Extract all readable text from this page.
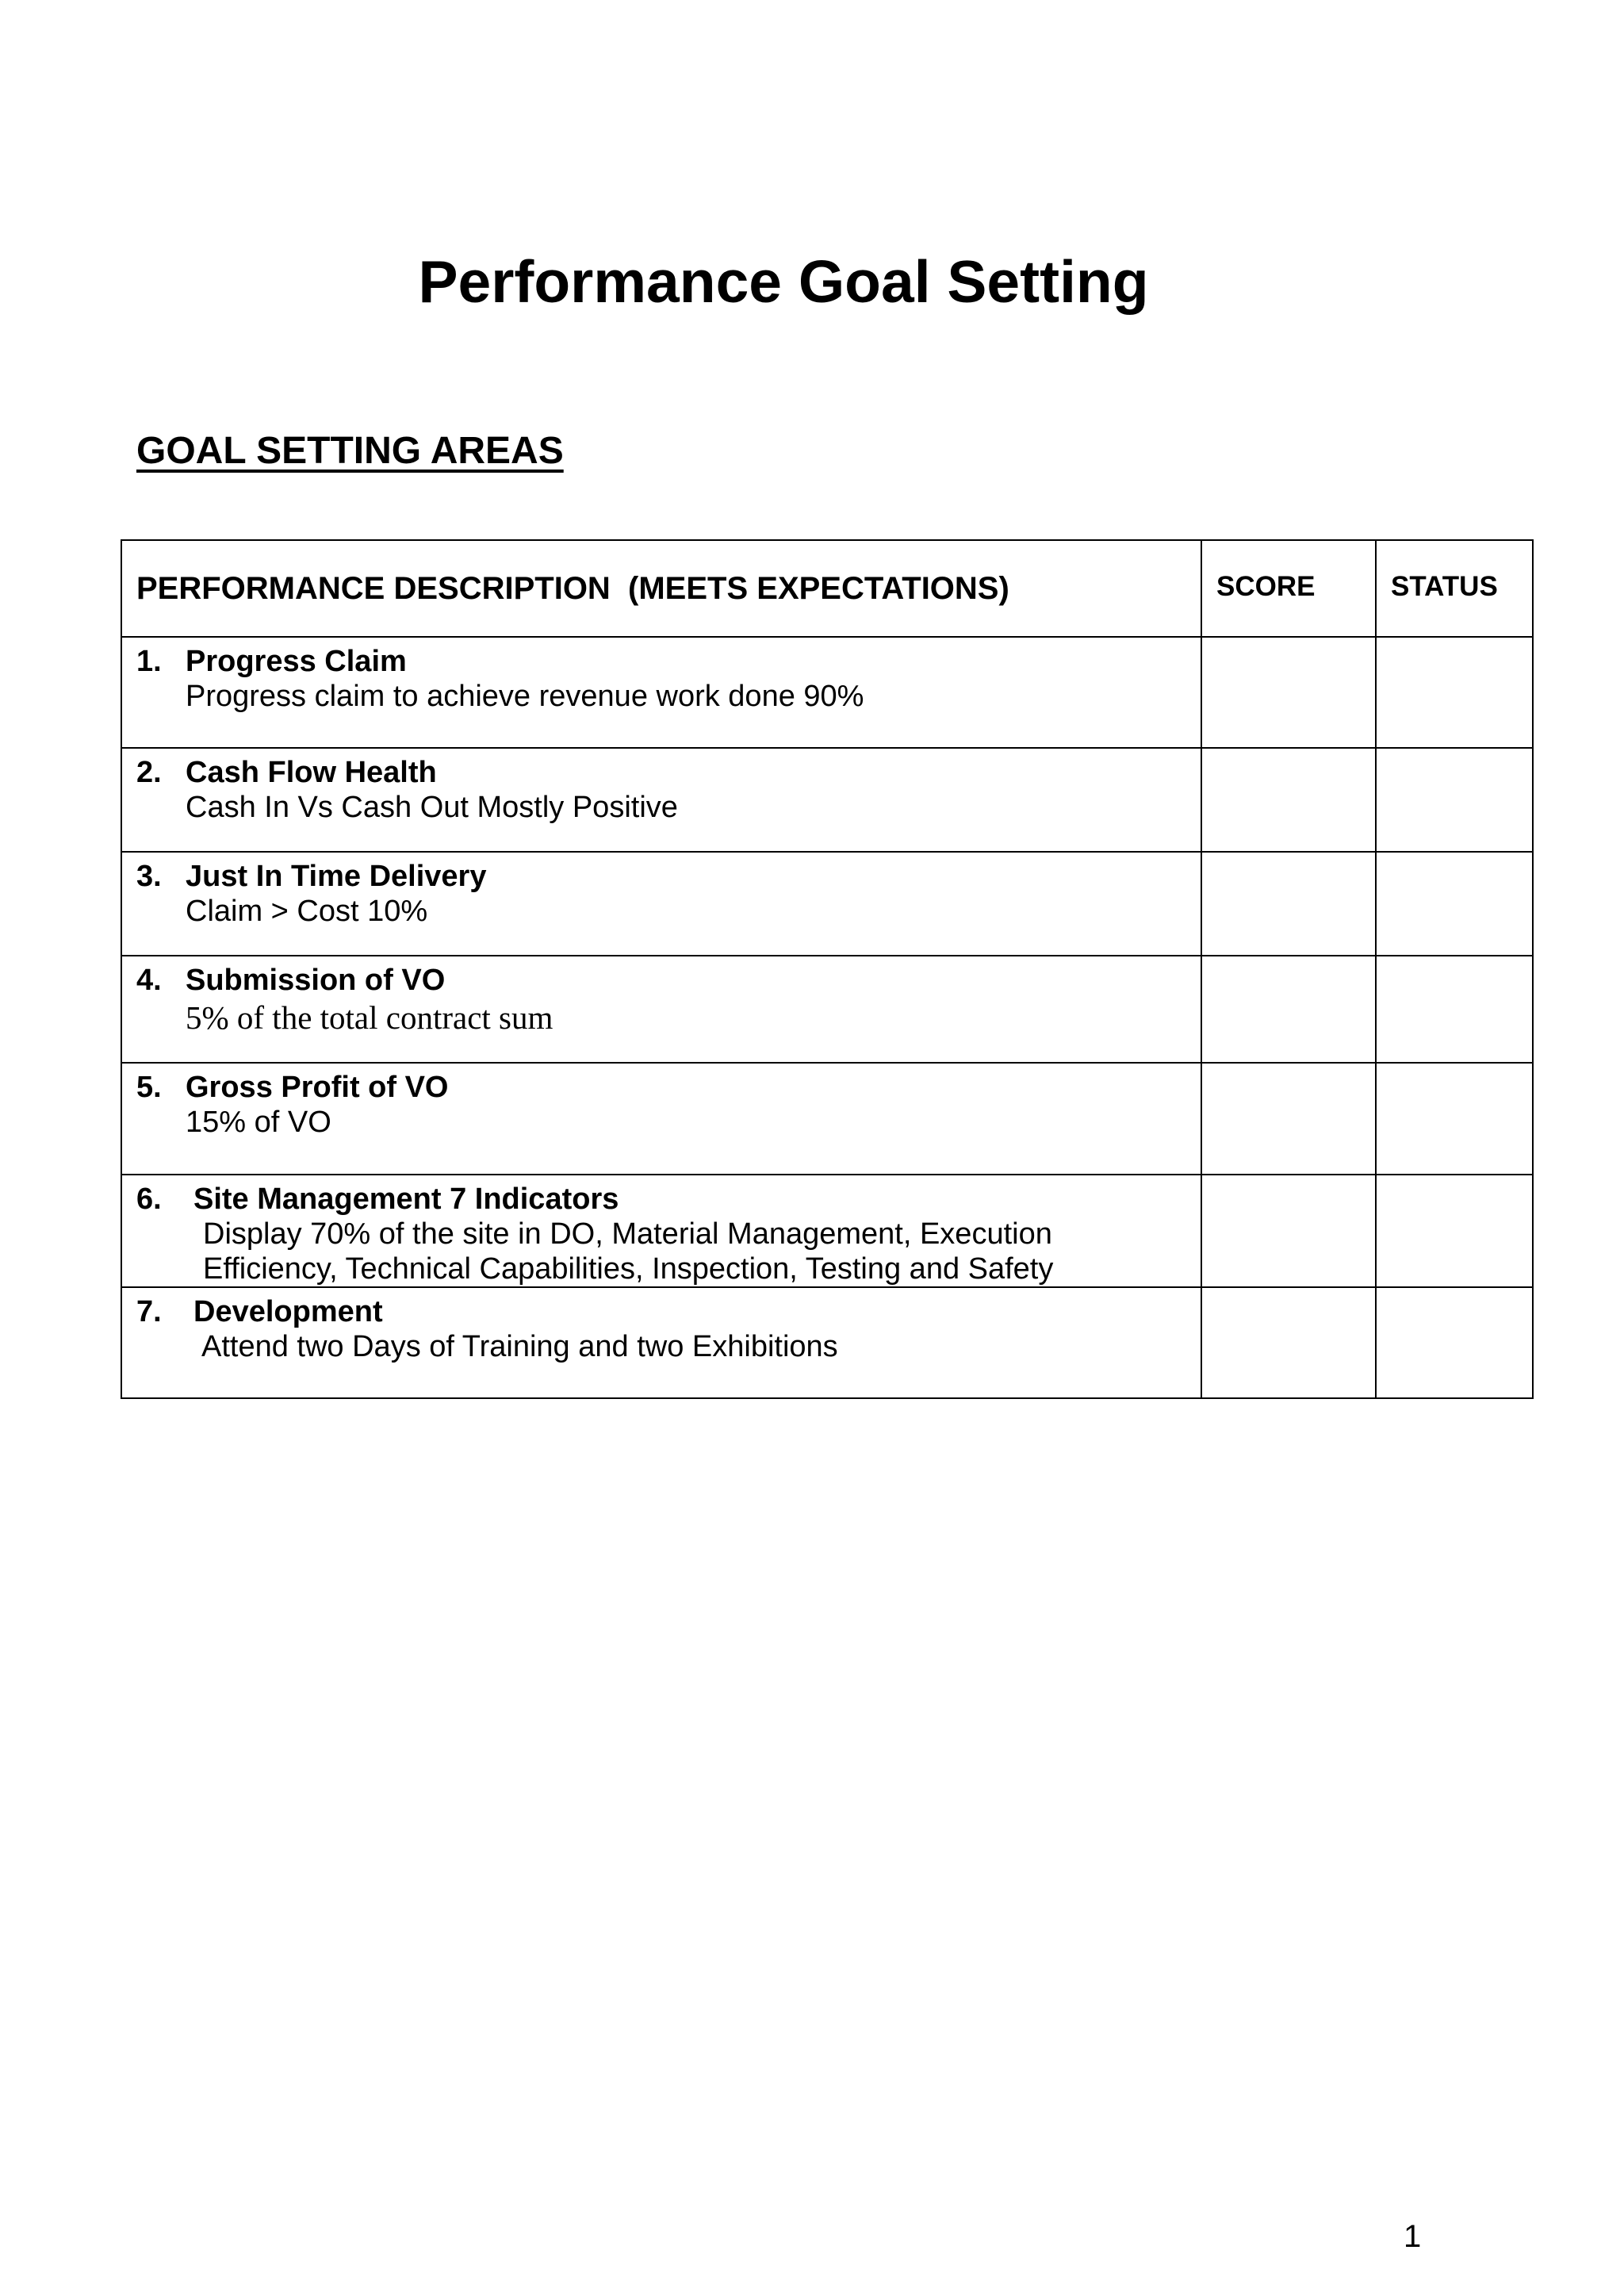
Performance Goal Setting
GOAL SETTING AREAS
PERFORMANCE DESCRIPTION  (MEETS EXPECTATIONS)	SCORE	STATUS

1. Progress Claim
Progress claim to achieve revenue work done 90%		

2. Cash Flow Health
Cash In Vs Cash Out Mostly Positive		

3. Just In Time Delivery
Claim > Cost 10%		

4. Submission of VO
5% of the total contract sum		

5. Gross Profit of VO
15% of VO		

6. Site Management 7 Indicators
Display 70% of the site in DO, Material Management, Execution
Efficiency, Technical Capabilities, Inspection, Testing and Safety		

7. Development
Attend two Days of Training and two Exhibitions		

1
